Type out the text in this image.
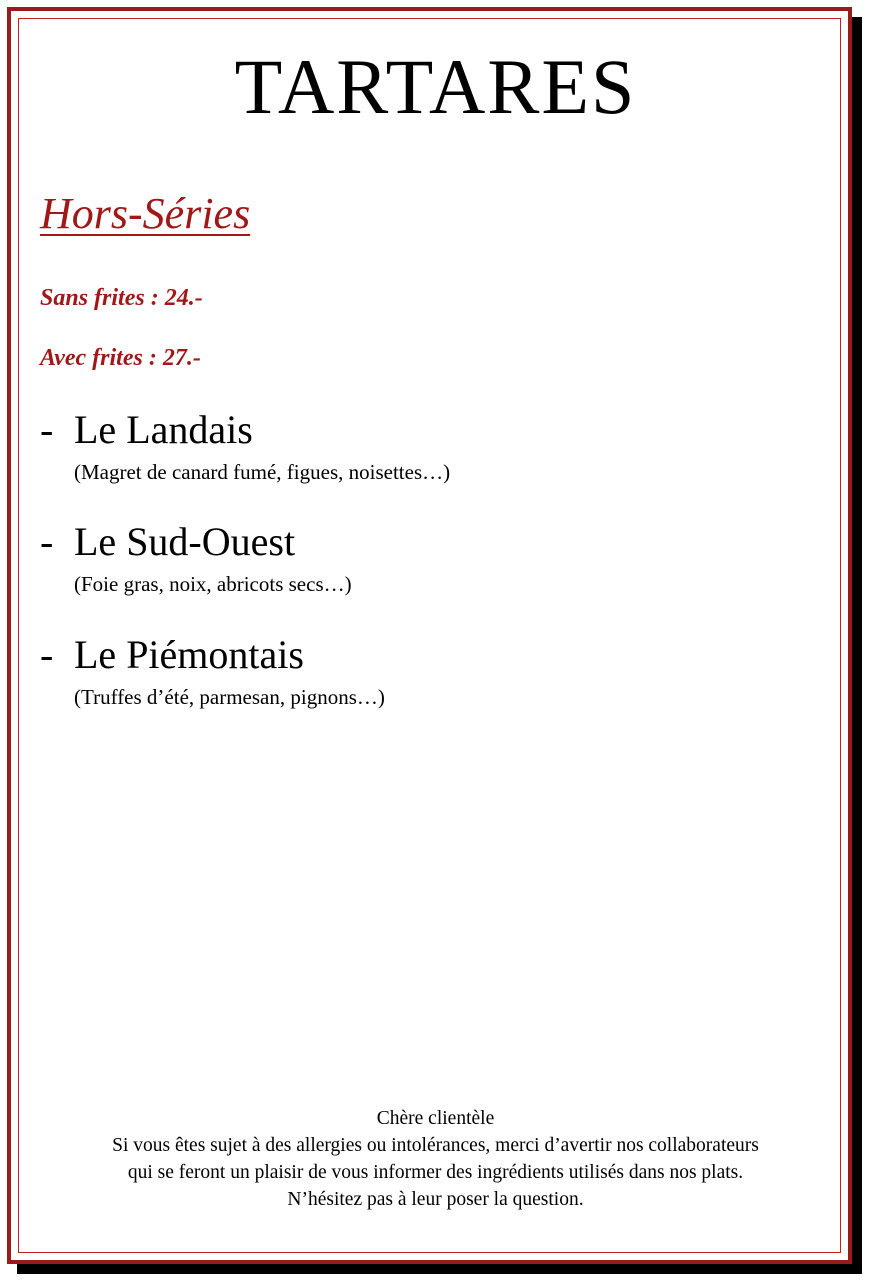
TARTARES
Hors-Séries
Sans frites : 24.-
Avec frites : 27.-
- Le Landais
(Magret de canard fumé, figues, noisettes…)
- Le Sud-Ouest
(Foie gras, noix, abricots secs…)
- Le Piémontais
(Truffes d’été, parmesan, pignons…)
Chère clientèle
Si vous êtes sujet à des allergies ou intolérances, merci d’avertir nos collaborateurs
qui se feront un plaisir de vous informer des ingrédients utilisés dans nos plats.
N’hésitez pas à leur poser la question.
